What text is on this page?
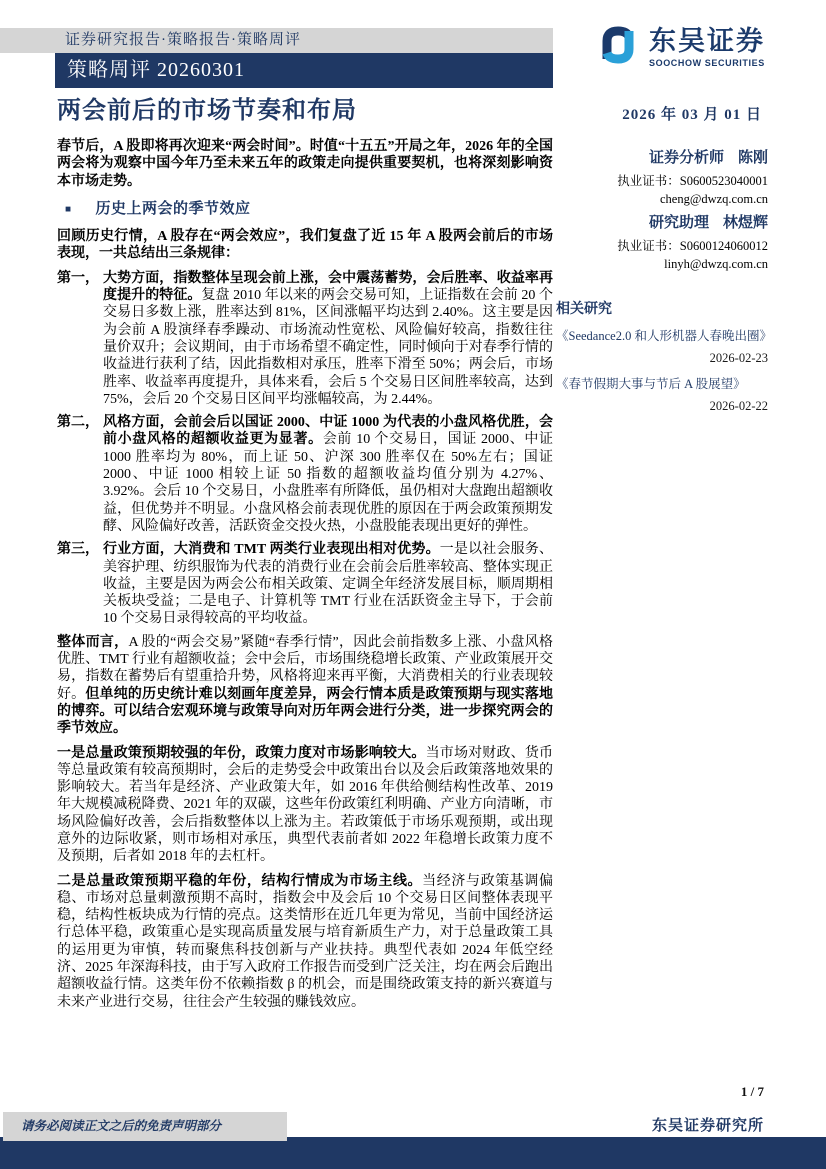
证券研究报告·策略报告·策略周评
策略周评 20260301
两会前后的市场节奏和布局
东吴证券
SOOCHOW SECURITIES
2026 年 03 月 01 日
证券分析师 陈刚
执业证书：S0600523040001
cheng@dwzq.com.cn
研究助理 林煜辉
执业证书：S0600124060012
linyh@dwzq.com.cn
相关研究
《Seedance2.0 和人形机器人春晚出圈》
2026-02-23
《春节假期大事与节后 A 股展望》
2026-02-22

春节后，A 股即将再次迎来“两会时间”。时值“十五五”开局之年，2026 年的全国两会将为观察中国今年乃至未来五年的政策走向提供重要契机，也将深刻影响资本市场走势。

■ 历史上两会的季节效应

回顾历史行情，A 股存在“两会效应”，我们复盘了近 15 年 A 股两会前后的市场表现，一共总结出三条规律：

第一， 大势方面，指数整体呈现会前上涨，会中震荡蓄势，会后胜率、收益率再度提升的特征。复盘 2010 年以来的两会交易可知，上证指数在会前 20 个交易日多数上涨，胜率达到 81%，区间涨幅平均达到 2.40%。这主要是因为会前 A 股演绎春季躁动、市场流动性宽松、风险偏好较高，指数往往量价双升；会议期间，由于市场希望不确定性，同时倾向于对春季行情的收益进行获利了结，因此指数相对承压，胜率下滑至 50%；两会后，市场胜率、收益率再度提升，具体来看，会后 5 个交易日区间胜率较高，达到 75%，会后 20 个交易日区间平均涨幅较高，为 2.44%。
第二， 风格方面，会前会后以国证 2000、中证 1000 为代表的小盘风格优胜，会前小盘风格的超额收益更为显著。会前 10 个交易日，国证 2000、中证 1000 胜率均为 80%，而上证 50、沪深 300 胜率仅在 50%左右；国证 2000、中证 1000 相较上证 50 指数的超额收益均值分别为 4.27%、3.92%。会后 10 个交易日，小盘胜率有所降低，虽仍相对大盘跑出超额收益，但优势并不明显。小盘风格会前表现优胜的原因在于两会政策预期发酵、风险偏好改善，活跃资金交投火热，小盘股能表现出更好的弹性。
第三， 行业方面，大消费和 TMT 两类行业表现出相对优势。一是以社会服务、美容护理、纺织服饰为代表的消费行业在会前会后胜率较高、整体实现正收益，主要是因为两会公布相关政策、定调全年经济发展目标，顺周期相关板块受益；二是电子、计算机等 TMT 行业在活跃资金主导下，于会前 10 个交易日录得较高的平均收益。

整体而言，A 股的“两会交易”紧随“春季行情”，因此会前指数多上涨、小盘风格优胜、TMT 行业有超额收益；会中会后，市场围绕稳增长政策、产业政策展开交易，指数在蓄势后有望重拾升势，风格将迎来再平衡，大消费相关的行业表现较好。但单纯的历史统计难以刻画年度差异，两会行情本质是政策预期与现实落地的博弈。可以结合宏观环境与政策导向对历年两会进行分类，进一步探究两会的季节效应。

一是总量政策预期较强的年份，政策力度对市场影响较大。当市场对财政、货币等总量政策有较高预期时，会后的走势受会中政策出台以及会后政策落地效果的影响较大。若当年是经济、产业政策大年，如 2016 年供给侧结构性改革、2019 年大规模减税降费、2021 年的双碳，这些年份政策红利明确、产业方向清晰，市场风险偏好改善，会后指数整体以上涨为主。若政策低于市场乐观预期，或出现意外的边际收紧，则市场相对承压，典型代表前者如 2022 年稳增长政策力度不及预期，后者如 2018 年的去杠杆。

二是总量政策预期平稳的年份，结构行情成为市场主线。当经济与政策基调偏稳、市场对总量刺激预期不高时，指数会中及会后 10 个交易日区间整体表现平稳，结构性板块成为行情的亮点。这类情形在近几年更为常见，当前中国经济运行总体平稳，政策重心是实现高质量发展与培育新质生产力，对于总量政策工具的运用更为审慎，转而聚焦科技创新与产业扶持。典型代表如 2024 年低空经济、2025 年深海科技，由于写入政府工作报告而受到广泛关注，均在两会后跑出超额收益行情。这类年份不依赖指数 β 的机会，而是围绕政策支持的新兴赛道与未来产业进行交易，往往会产生较强的赚钱效应。

1 / 7
东吴证券研究所
请务必阅读正文之后的免责声明部分
